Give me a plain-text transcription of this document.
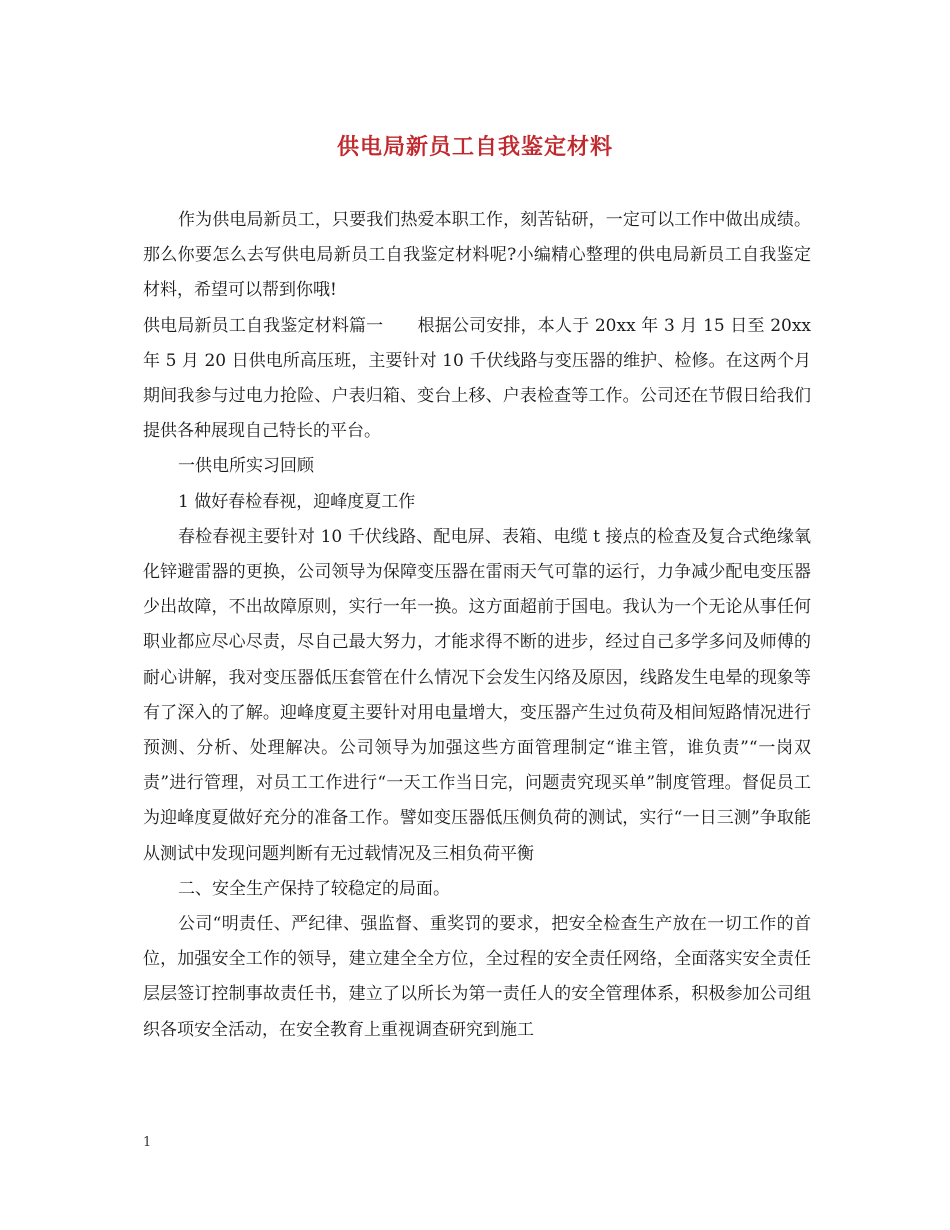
供电局新员工自我鉴定材料

作为供电局新员工，只要我们热爱本职工作，刻苦钻研，一定可以工作中做出成绩。那么你要怎么去写供电局新员工自我鉴定材料呢?小编精心整理的供电局新员工自我鉴定材料，希望可以帮到你哦!

供电局新员工自我鉴定材料篇一　　根据公司安排，本人于 20xx 年 3 月 15 日至 20xx 年 5 月 20 日供电所高压班，主要针对 10 千伏线路与变压器的维护、检修。在这两个月期间我参与过电力抢险、户表归箱、变台上移、户表检查等工作。公司还在节假日给我们提供各种展现自己特长的平台。

一供电所实习回顾

1 做好春检春视，迎峰度夏工作

春检春视主要针对 10 千伏线路、配电屏、表箱、电缆 t 接点的检查及复合式绝缘氧化锌避雷器的更换，公司领导为保障变压器在雷雨天气可靠的运行，力争减少配电变压器少出故障，不出故障原则，实行一年一换。这方面超前于国电。我认为一个无论从事任何职业都应尽心尽责，尽自己最大努力，才能求得不断的进步，经过自己多学多问及师傅的耐心讲解，我对变压器低压套管在什么情况下会发生闪络及原因，线路发生电晕的现象等有了深入的了解。迎峰度夏主要针对用电量增大，变压器产生过负荷及相间短路情况进行预测、分析、处理解决。公司领导为加强这些方面管理制定“谁主管，谁负责”“一岗双责”进行管理，对员工工作进行“一天工作当日完，问题责究现买单”制度管理。督促员工为迎峰度夏做好充分的准备工作。譬如变压器低压侧负荷的测试，实行“一日三测”争取能从测试中发现问题判断有无过载情况及三相负荷平衡

二、安全生产保持了较稳定的局面。

公司“明责任、严纪律、强监督、重奖罚的要求，把安全检查生产放在一切工作的首位，加强安全工作的领导，建立建全全方位，全过程的安全责任网络，全面落实安全责任层层签订控制事故责任书，建立了以所长为第一责任人的安全管理体系，积极参加公司组织各项安全活动，在安全教育上重视调查研究到施工

1
